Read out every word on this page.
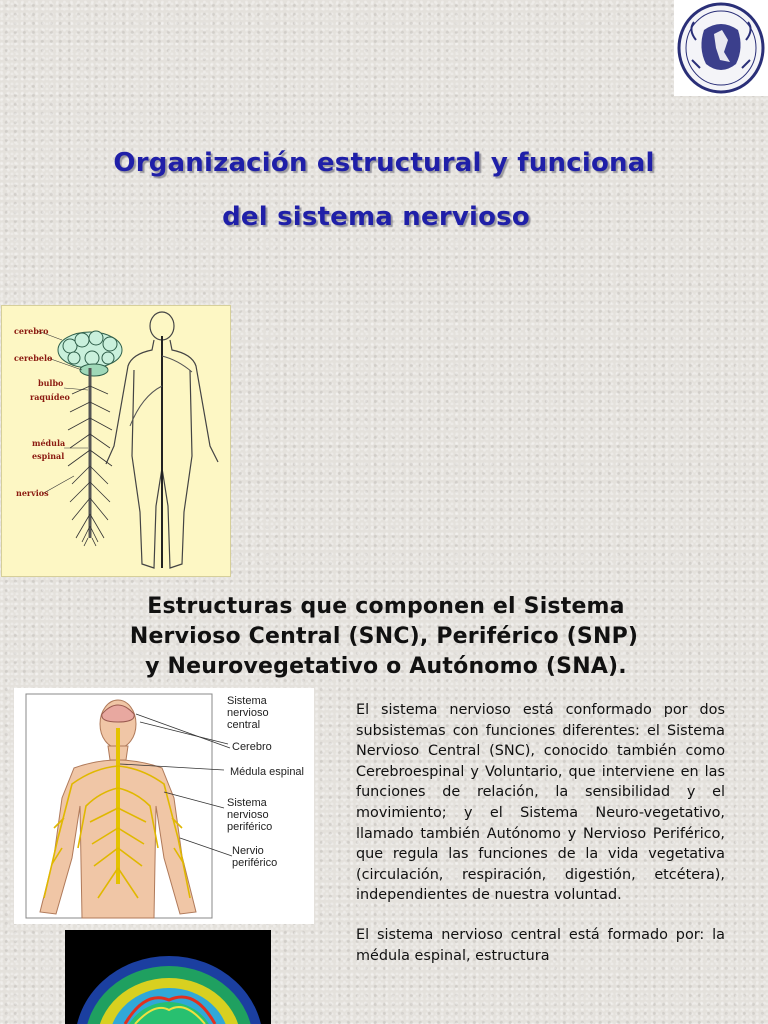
Organización estructural y funcional
del sistema nervioso
cerebro
cerebelo
bulbo
raquídeo
médula
espinal
nervios
Estructuras que componen el Sistema
Nervioso Central (SNC), Periférico (SNP)
y Neurovegetativo o Autónomo (SNA).
Sistema
nervioso
central
Cerebro
Médula espinal
Sistema
nervioso
periférico
Nervio
periférico

El sistema nervioso está conformado por dos subsistemas con funciones diferentes: el Sistema Nervioso Central (SNC), conocido también como Cerebroespinal y Voluntario, que interviene en las funciones de relación, la sensibilidad y el movimiento; y el Sistema Neuro-vegetativo, llamado también Autónomo y Nervioso Periférico, que regula las funciones de la vida vegetativa (circulación, respiración, digestión, etcétera), independientes de nuestra voluntad.

El sistema nervioso central está formado por: la médula espinal, estructura
